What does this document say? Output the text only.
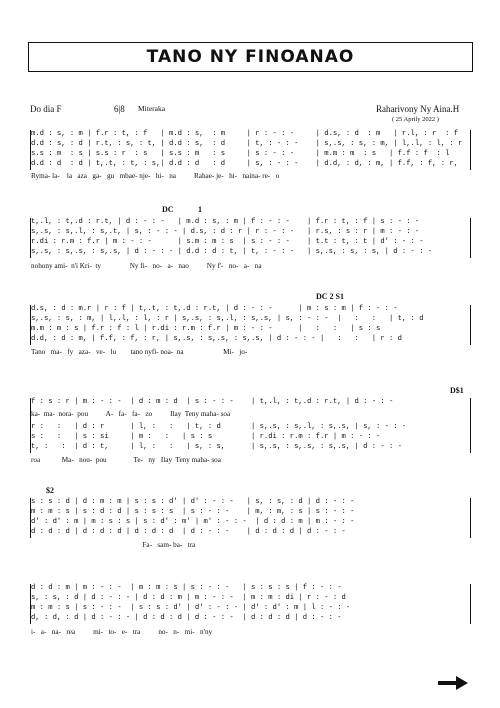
TANO NY FINOANAO
Do dia F	6|8 Miteraka	Raharivony Ny Aina.H
( 25 Aprily 2022 )
m.d : s, : m | f.r : t, : f   | m.d : s,  : m     | r : - : -     | d.s, : d  : m   | r.l, : r  : f
d.d : s, : d | r.t, : s, : t, | d.d : s,  : d     | t, : - : -    | s,.s, : s, : m, | l,.l, : l, : r
s.s : m  : s | s.s : r  : s   | s.s : m   : s     | s : - : -     | m.m : m  : s   | f.f : f  : l
d.d : d  : d | t,.t, : t, : s,| d.d : d   : d     | s, : - : -    | d.d, : d, : m, | f.f, : f, : r,
Ryma- la-    la   aza   ga-   gu   mbae- nje-   hi-   na          Rahae- je-   hi-   naina- re-   o
DC	1
t,.l, : t,.d : r.t, | d : - : -   | m.d : s, : m | f : - : -    | f.r : t, : f | s : - : -
s,.s, : s,.l, : s,.t, | s, : - : - | d.s, : d : r | r : - : -   | r.s, : s : r | m : - : -
r.di : r.m : f.r | m : - : -      | s.m : m : s  | s : - : -    | t.t : t, : t | d' : - : -
s,.s, : s,.s, : s,.s, | d : - : - | d.d : d : t, | t, : - : -   | s,.s, : s, : s, | d : - : -
nohony ami-  n'i Kri-  ty                Ny fi-   no-   a-   nao          Ny f'-   no-   a-   na
DC 2 S1
d.s, : d : m.r | r : f | t,.t, : t,.d : r.t, | d : - : -      | m : s : m | f : - : -
s,.s, : s, : m, | l,.l, : l, : r | s,.s, : s,.l, : s,.s, | s, : - : -  |   :   :   | t, : d
m.m : m : s | f.r : f : l | r.di : r.m : f.r | m : - : -      |   :   :   | s : s
d.d, : d : m, | f.f, : f, : r, | s,.s, : s,.s, : s,.s, | d : - : - |   :   :   | r : d
Tano   ma-   fy   aza-   ve-   lu        tano nyfi- noa-  na                      Mi-   jo-
D$1
f : s : r | m : - : -  | d : m : d  | s : - : -    | t,.l, : t,.d : r.t, | d : - : -
ka-  ma-  nora-  pou          A-   fa-   fa-   zo          Ilay  Teny maha- soa
r :   :   | d : r      | l, :   :   | t, : d       | s,.s, : s,.l, : s,.s, | s, : - : -
s :   :   | s : si     | m :   :   | s : s         | r.di : r.m : f.r | m : - : -
t, :   :  | d : t,     | l, :   :   | s, : s,      | s,.s, : s,.s, : s,.s, | d : - : -
roa            Ma-   nou-  pou               Te-   ny   Ilay  Teny maha- soa
$2
s : s : d | d : m : m | s : s : d' | d' : - : -   | s, : s, : d | d : - : -
m : m : s | s : d : d | s : s : s  | s : - : -    | m, : m, : s | s : - : -
d' : d' : m | m : s : s | s : d' : m' | m' : - : -  | d : d : m | m : - : -
d : d : d | d : d : d | d : d : d  | d : - : -    | d : d : d | d : - : -
Fa-   sam- ba-   tra
d : d : m | m : - : -  | m : m : s | s : - : -   | s : s : s | f : - : -
s, : s, : d | d : - : - | d : d : m | m : - : -  | m : m : di | r : - : d
m : m : s | s : - : -  | s : s : d' | d' : - : - | d' : d' : m | l : - : -
d, : d, : d | d : - : - | d : d : d | d : - : -  | d : d : d | d : - : -
i-   a-   na-   rea          mi-   to-   e-   tra          no-   n-   mi-   n'ny
